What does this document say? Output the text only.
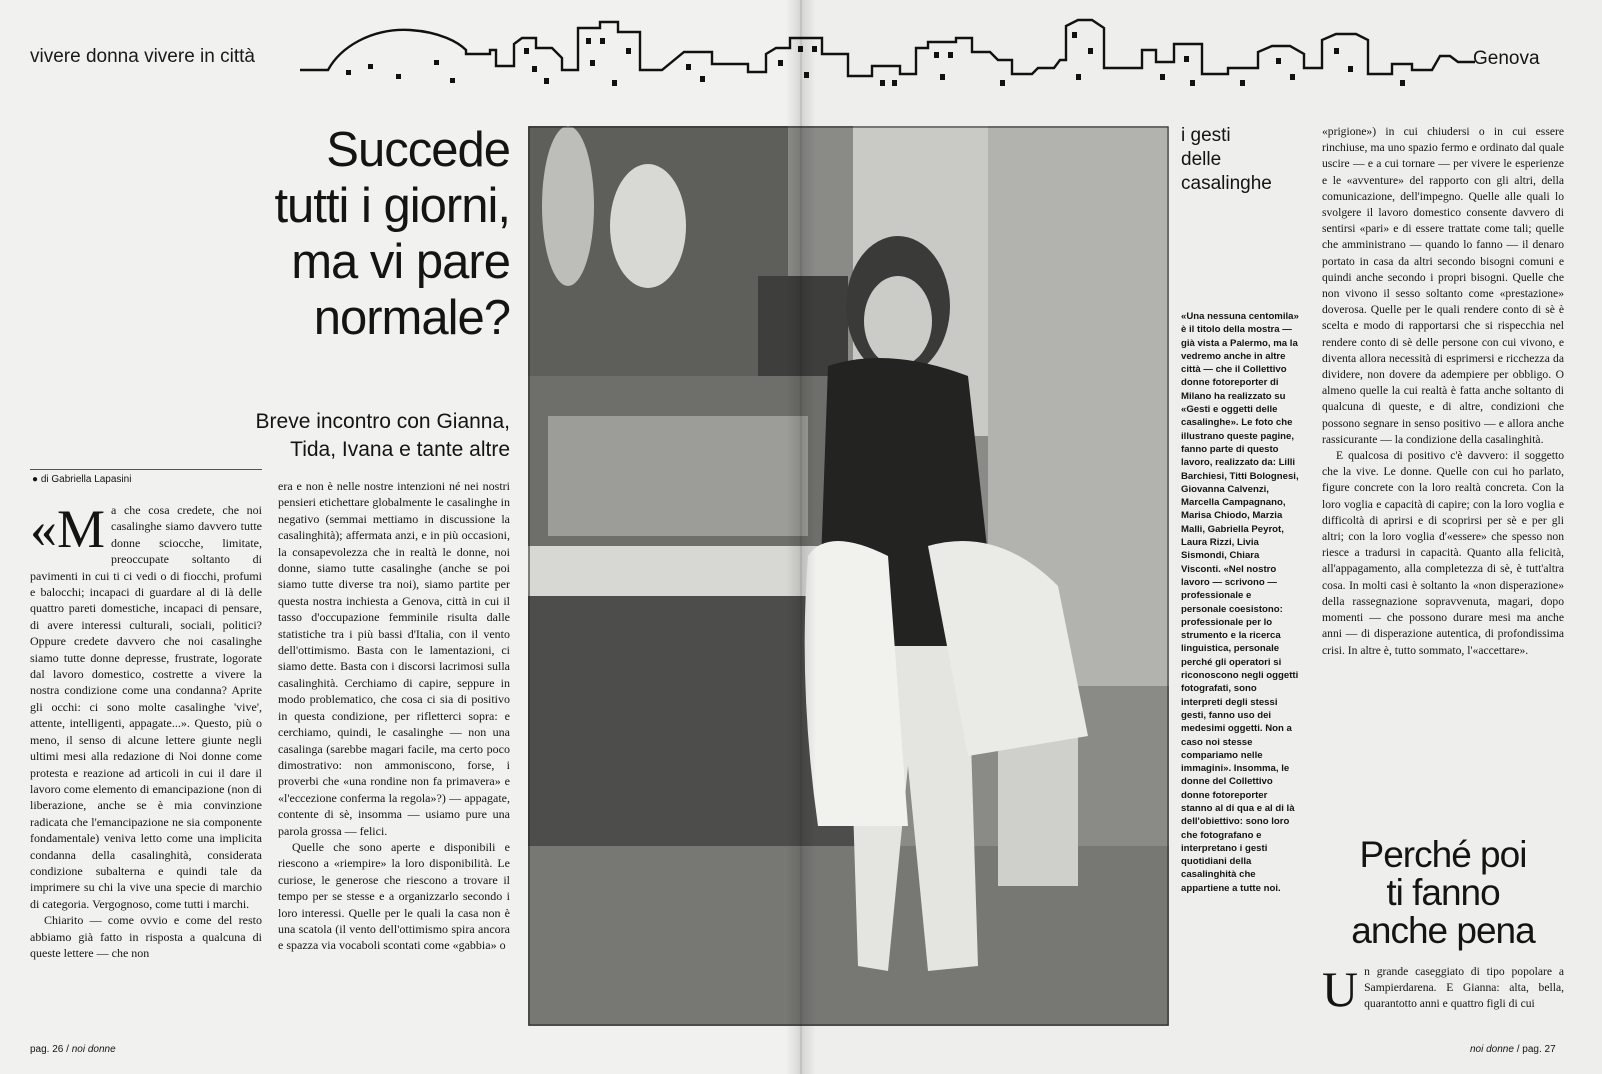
vivere donna vivere in città	Genova
Succede
tutti i giorni,
ma vi pare
normale?
Breve incontro con Gianna,
Tida, Ivana e tante altre
● di Gabriella Lapasini

«Ma che cosa credete, che noi casalinghe siamo davvero tutte donne sciocche, limitate, preoccupate soltanto di pavimenti in cui ti ci vedi o di fiocchi, profumi e balocchi; incapaci di guardare al di là delle quattro pareti domestiche, incapaci di pensare, di avere interessi culturali, sociali, politici? Oppure credete davvero che noi casalinghe siamo tutte donne depresse, frustrate, logorate dal lavoro domestico, costrette a vivere la nostra condizione come una condanna? Aprite gli occhi: ci sono molte casalinghe 'vive', attente, intelligenti, appagate...». Questo, più o meno, il senso di alcune lettere giunte negli ultimi mesi alla redazione di Noi donne come protesta e reazione ad articoli in cui il dare il lavoro come elemento di emancipazione (non di liberazione, anche se è mia convinzione radicata che l'emancipazione ne sia componente fondamentale) veniva letto come una implicita condanna della casalinghità, considerata condizione subalterna e quindi tale da imprimere su chi la vive una specie di marchio di categoria. Vergognoso, come tutti i marchi.

Chiarito — come ovvio e come del resto abbiamo già fatto in risposta a qualcuna di queste lettere — che non

era e non è nelle nostre intenzioni né nei nostri pensieri etichettare globalmente le casalinghe in negativo (semmai mettiamo in discussione la casalinghità); affermata anzi, e in più occasioni, la consapevolezza che in realtà le donne, noi donne, siamo tutte casalinghe (anche se poi siamo tutte diverse tra noi), siamo partite per questa nostra inchiesta a Genova, città in cui il tasso d'occupazione femminile risulta dalle statistiche tra i più bassi d'Italia, con il vento dell'ottimismo. Basta con le lamentazioni, ci siamo dette. Basta con i discorsi lacrimosi sulla casalinghità. Cerchiamo di capire, seppure in modo problematico, che cosa ci sia di positivo in questa condizione, per rifletterci sopra: e cerchiamo, quindi, le casalinghe — non una casalinga (sarebbe magari facile, ma certo poco dimostrativo: non ammoniscono, forse, i proverbi che «una rondine non fa primavera» e «l'eccezione conferma la regola»?) — appagate, contente di sè, insomma — usiamo pure una parola grossa — felici.

Quelle che sono aperte e disponibili e riescono a «riempire» la loro disponibilità. Le curiose, le generose che riescono a trovare il tempo per se stesse e a organizzarlo secondo i loro interessi. Quelle per le quali la casa non è una scatola (il vento dell'ottimismo spira ancora e spazza via vocaboli scontati come «gabbia» o

i gesti
delle
casalinghe

«Una nessuna centomila» è il titolo della mostra — già vista a Palermo, ma la vedremo anche in altre città — che il Collettivo donne fotoreporter di Milano ha realizzato su «Gesti e oggetti delle casalinghe». Le foto che illustrano queste pagine, fanno parte di questo lavoro, realizzato da: Lilli Barchiesi, Titti Bolognesi, Giovanna Calvenzi, Marcella Campagnano, Marisa Chiodo, Marzia Malli, Gabriella Peyrot, Laura Rizzi, Livia Sismondi, Chiara Visconti. «Nel nostro lavoro — scrivono — professionale e personale coesistono: professionale per lo strumento e la ricerca linguistica, personale perché gli operatori si riconoscono negli oggetti fotografati, sono interpreti degli stessi gesti, fanno uso dei medesimi oggetti. Non a caso noi stesse compariamo nelle immagini». Insomma, le donne del Collettivo donne fotoreporter stanno al di qua e al di là dell'obiettivo: sono loro che fotografano e interpretano i gesti quotidiani della casalinghità che appartiene a tutte noi.

«prigione») in cui chiudersi o in cui essere rinchiuse, ma uno spazio fermo e ordinato dal quale uscire — e a cui tornare — per vivere le esperienze e le «avventure» del rapporto con gli altri, della comunicazione, dell'impegno. Quelle alle quali lo svolgere il lavoro domestico consente davvero di sentirsi «pari» e di essere trattate come tali; quelle che amministrano — quando lo fanno — il denaro portato in casa da altri secondo bisogni comuni e quindi anche secondo i propri bisogni. Quelle che non vivono il sesso soltanto come «prestazione» doverosa. Quelle per le quali rendere conto di sè è scelta e modo di rapportarsi che si rispecchia nel rendere conto di sè delle persone con cui vivono, e diventa allora necessità di esprimersi e ricchezza da dividere, non dovere da adempiere per obbligo. O almeno quelle la cui realtà è fatta anche soltanto di qualcuna di queste, e di altre, condizioni che possono segnare in senso positivo — e allora anche rassicurante — la condizione della casalinghità.

E qualcosa di positivo c'è davvero: il soggetto che la vive. Le donne. Quelle con cui ho parlato, figure concrete con la loro realtà concreta. Con la loro voglia e capacità di capire; con la loro voglia e difficoltà di aprirsi e di scoprirsi per sè e per gli altri; con la loro voglia d'«essere» che spesso non riesce a tradursi in capacità. Quanto alla felicità, all'appagamento, alla completezza di sè, è tutt'altra cosa. In molti casi è soltanto la «non disperazione» della rassegnazione sopravvenuta, magari, dopo momenti — che possono durare mesi ma anche anni — di disperazione autentica, di profondissima crisi. In altre è, tutto sommato, l'«accettare».

Perché poi
ti fanno
anche pena

Un grande caseggiato di tipo popolare a Sampierdarena. E Gianna: alta, bella, quarantotto anni e quattro figli di cui

pag. 26 / noi donne	noi donne / pag. 27
